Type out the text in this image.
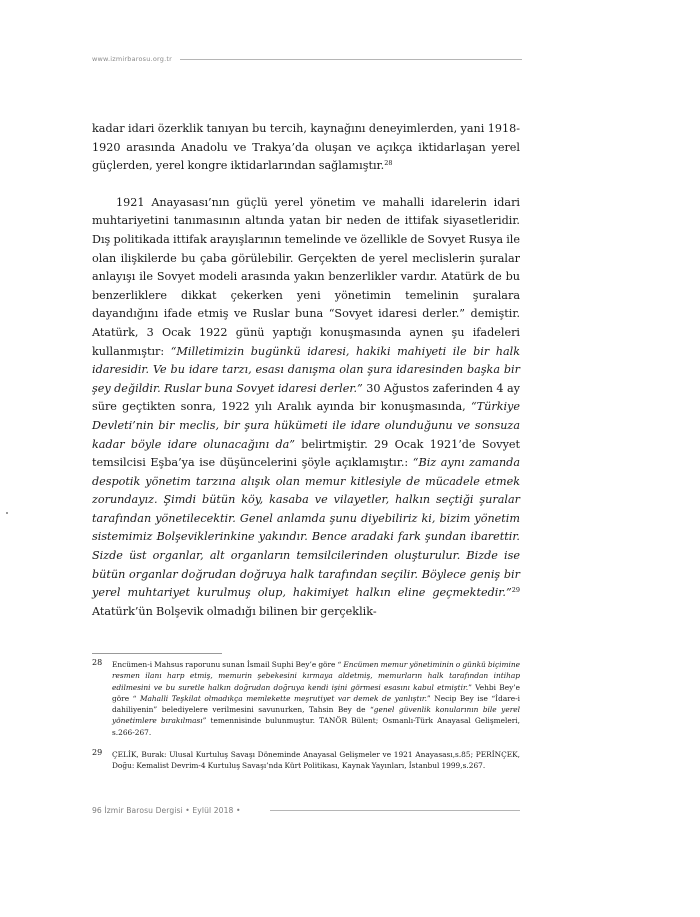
www.izmirbarosu.org.tr

kadar idari özerklik tanıyan bu tercih, kaynağını deneyimlerden, yani 1918-1920 arasında Anadolu ve Trakya’da oluşan ve açıkça iktidarlaşan yerel güçlerden, yerel kongre iktidarlarından sağlamıştır.$^{28}$

1921 Anayasası’nın güçlü yerel yönetim ve mahalli idarelerin idari muhtariyetini tanımasının altında yatan bir neden de ittifak siyasetleridir. Dış politikada ittifak arayışlarının temelinde ve özellikle de Sovyet Rusya ile olan ilişkilerde bu çaba görülebilir. Gerçekten de yerel meclislerin şuralar anlayışı ile Sovyet modeli arasında yakın benzerlikler vardır. Atatürk de bu benzerliklere dikkat çekerken yeni yönetimin temelinin şuralara dayandığını ifade etmiş ve Ruslar buna “Sovyet idaresi derler.” demiştir. Atatürk, 3 Ocak 1922 günü yaptığı konuşmasında aynen şu ifadeleri kullanmıştır: “Milletimizin bugünkü idaresi, hakiki mahiyeti ile bir halk idaresidir. Ve bu idare tarzı, esası danışma olan şura idaresinden başka bir şey değildir. Ruslar buna Sovyet idaresi derler.” 30 Ağustos zaferinden 4 ay süre geçtikten sonra, 1922 yılı Aralık ayında bir konuşmasında, “Türkiye Devleti’nin bir meclis, bir şura hükümeti ile idare olunduğunu ve sonsuza kadar böyle idare olunacağını da” belirtmiştir. 29 Ocak 1921’de Sovyet temsilcisi Eşba’ya ise düşüncelerini şöyle açıklamıştır.: “Biz aynı zamanda despotik yönetim tarzına alışık olan memur kitlesiyle de mücadele etmek zorundayız. Şimdi bütün köy, kasaba ve vilayetler, halkın seçtiği şuralar tarafından yönetilecektir. Genel anlamda şunu diyebiliriz ki, bizim yönetim sistemimiz Bolşeviklerinkine yakındır. Bence aradaki fark şundan ibarettir. Sizde üst organlar, alt organların temsilcilerinden oluşturulur. Bizde ise bütün organlar doğrudan doğruya halk tarafından seçilir. Böylece geniş bir yerel muhtariyet kurulmuş olup, hakimiyet halkın eline geçmektedir.”$^{29}$ Atatürk’ün Bolşevik olmadığı bilinen bir gerçeklik-

28 Encümen-i Mahsus raporunu sunan İsmail Suphi Bey’e göre “ Encümen memur yönetiminin o günkü biçimine resmen ilanı harp etmiş, memurin şebekesini kırmaya aldetmiş, memurların halk tarafından intihap edilmesini ve bu suretle halkın doğrudan doğruya kendi işini görmesi esasını kabul etmiştir.” Vehbi Bey’e göre “ Mahalli Teşkilat olmadıkça memlekette meşrutiyet var demek de yanlıştır.” Necip Bey ise “İdare-i dahiliyenin” belediyelere verilmesini savunurken, Tahsin Bey de “genel güvenlik konularının bile yerel yönetimlere bırakılması” temennisinde bulunmuştur. TANÖR Bülent; Osmanlı-Türk Anayasal Gelişmeleri, s.266-267.
29 ÇELİK, Burak: Ulusal Kurtuluş Savaşı Döneminde Anayasal Gelişmeler ve 1921 Anayasası,s.85; PERİNÇEK, Doğu: Kemalist Devrim-4 Kurtuluş Savaşı’nda Kürt Politikası, Kaynak Yayınları, İstanbul 1999,s.267.
96 İzmir Barosu Dergisi • Eylül 2018 •
